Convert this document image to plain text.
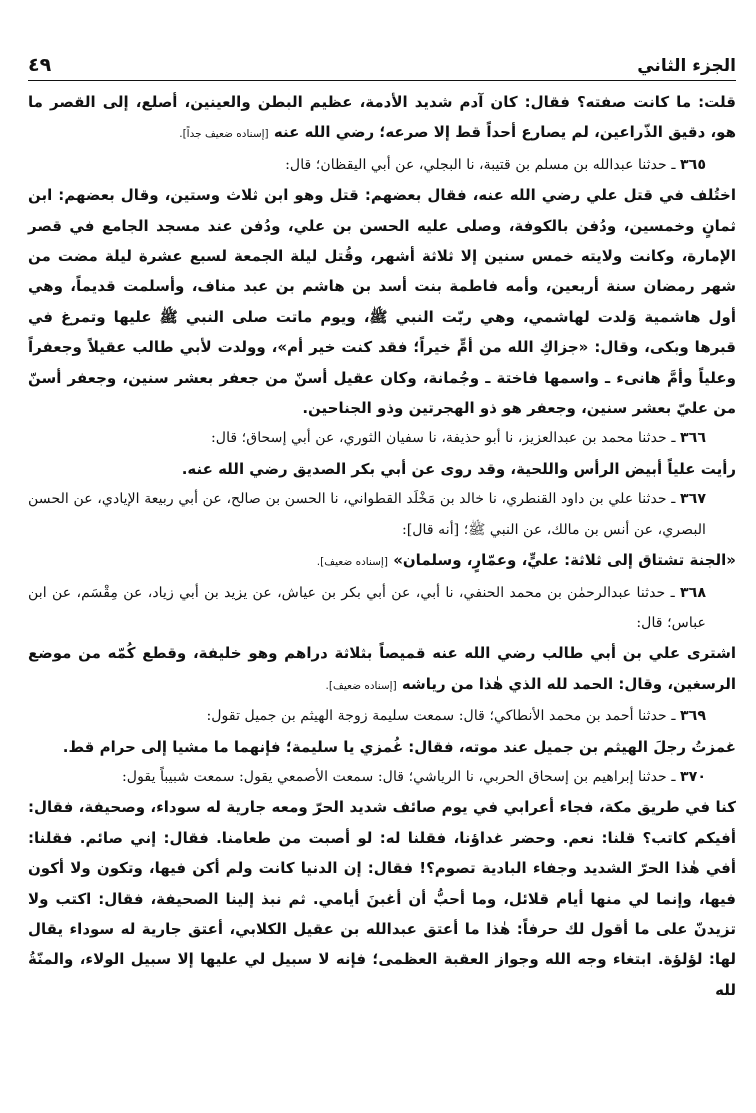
الجزء الثاني
٤٩

قلت: ما كانت صفته؟ فقال: كان آدم شديد الأدمة، عظيم البطن والعينين، أصلع، إلى القصر ما هو، دقيق الذّراعين، لم يصارع أحداً قط إلا صرعه؛ رضي الله عنه [إسناده ضعيف جداً].

٣٦٥ ـ حدثنا عبدالله بن مسلم بن قتيبة، نا البجلي، عن أبي اليقظان؛ قال:

اختُلف في قتل علي رضي الله عنه، فقال بعضهم: قتل وهو ابن ثلاث وستين، وقال بعضهم: ابن ثمانٍ وخمسين، ودُفن بالكوفة، وصلى عليه الحسن بن علي، ودُفن عند مسجد الجامع في قصر الإمارة، وكانت ولايته خمس سنين إلا ثلاثة أشهر، وقُتل ليلة الجمعة لسبع عشرة ليلة مضت من شهر رمضان سنة أربعين، وأمه فاطمة بنت أسد بن هاشم بن عبد مناف، وأسلمت قديماً، وهي أول هاشمية وَلدت لهاشمي، وهي ربّت النبي ﷺ، ويوم ماتت صلى النبي ﷺ عليها وتمرغ في قبرها وبكى، وقال: «جزاكِ الله من أمٍّ خيراً؛ فقد كنت خير أم»، وولدت لأبي طالب عقيلاً وجعفراً وعلياً وأمَّ هانىء ـ واسمها فاختة ـ وجُمانة، وكان عقيل أسنّ من جعفر بعشر سنين، وجعفر أسنّ من عليّ بعشر سنين، وجعفر هو ذو الهجرتين وذو الجناحين.

٣٦٦ ـ حدثنا محمد بن عبدالعزيز، نا أبو حذيفة، نا سفيان الثوري، عن أبي إسحاق؛ قال:

رأيت علياً أبيض الرأس واللحية، وقد روى عن أبي بكر الصديق رضي الله عنه.

٣٦٧ ـ حدثنا علي بن داود القنطري، نا خالد بن مَخْلَد القطواني، نا الحسن بن صالح، عن أبي ربيعة الإيادي، عن الحسن البصري، عن أنس بن مالك، عن النبي ﷺ؛ [أنه قال]:

«الجنة تشتاق إلى ثلاثة: عليٍّ، وعمّارٍ، وسلمان» [إسناده ضعيف].

٣٦٨ ـ حدثنا عبدالرحمٰن بن محمد الحنفي، نا أبي، عن أبي بكر بن عياش، عن يزيد بن أبي زياد، عن مِقْسَم، عن ابن عباس؛ قال:

اشترى علي بن أبي طالب رضي الله عنه قميصاً بثلاثة دراهم وهو خليفة، وقطع كُمّه من موضع الرسغين، وقال: الحمد لله الذي هٰذا من رياشه [إسناده ضعيف].

٣٦٩ ـ حدثنا أحمد بن محمد الأنطاكي؛ قال: سمعت سليمة زوجة الهيثم بن جميل تقول:

غمزتُ رجلَ الهيثم بن جميل عند موته، فقال: غُمزي يا سليمة؛ فإنهما ما مشيا إلى حرام قط.

٣٧٠ ـ حدثنا إبراهيم بن إسحاق الحربي، نا الرياشي؛ قال: سمعت الأصمعي يقول: سمعت شبيباً يقول:

كنا في طريق مكة، فجاء أعرابي في يوم صائف شديد الحرّ ومعه جارية له سوداء، وصحيفة، فقال: أفيكم كاتب؟ قلنا: نعم. وحضر غداؤنا، فقلنا له: لو أصبت من طعامنا. فقال: إني صائم. فقلنا: أفي هٰذا الحرّ الشديد وجفاء البادية تصوم؟! فقال: إن الدنيا كانت ولم أكن فيها، وتكون ولا أكون فيها، وإنما لي منها أيام قلائل، وما أحبُّ أن أغبنَ أيامي. ثم نبذ إلينا الصحيفة، فقال: اكتب ولا تزيدنّ على ما أقول لك حرفاً: هٰذا ما أعتق عبدالله بن عقيل الكلابي، أعتق جارية له سوداء يقال لها: لؤلؤة. ابتغاء وجه الله وجواز العقبة العظمى؛ فإنه لا سبيل لي عليها إلا سبيل الولاء، والمنّةُ لله
